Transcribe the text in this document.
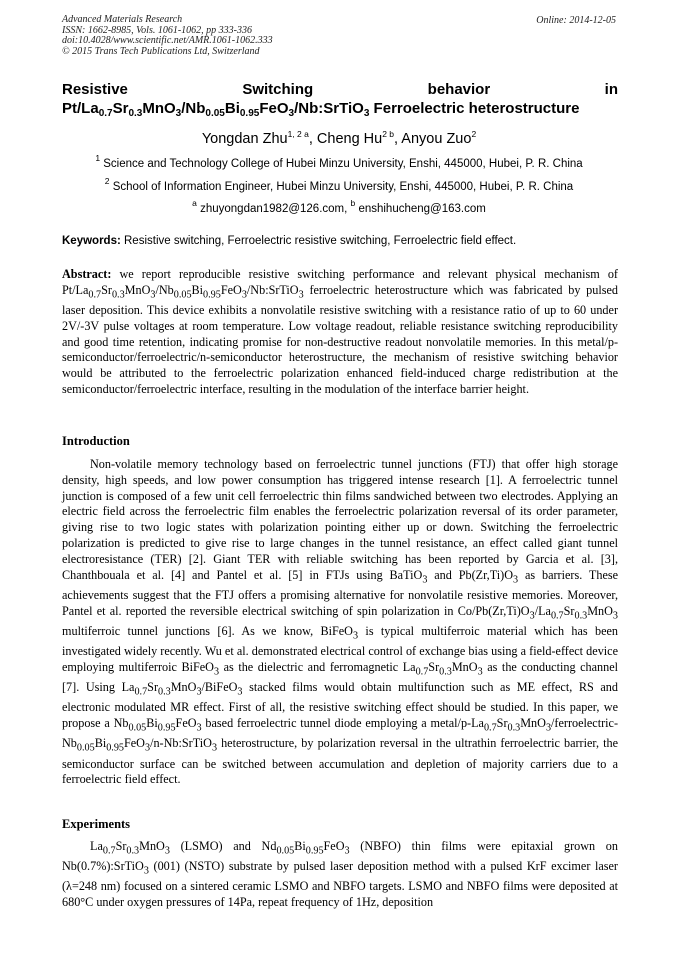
Advanced Materials Research
ISSN: 1662-8985, Vols. 1061-1062, pp 333-336
doi:10.4028/www.scientific.net/AMR.1061-1062.333
© 2015 Trans Tech Publications Ltd, Switzerland
Online: 2014-12-05
Resistive	Switching	behavior	in
$Pt/La_{0.7}Sr_{0.3}MnO_3/Nb_{0.05}Bi_{0.95}FeO_3/Nb:SrTiO_3$ Ferroelectric heterostructure
Yongdan Zhu$^{1, 2 a}$, Cheng $Hu^{2 b}$, Anyou Zuo$^2$
$^1$ Science and Technology College of Hubei Minzu University, Enshi, 445000, Hubei, P. R. China
$^2$ School of Information Engineer, Hubei Minzu University, Enshi, 445000, Hubei, P. R. China
$^a$ zhuyongdan1982@126.com, $^b$ enshihucheng@163.com
Keywords: Resistive switching, Ferroelectric resistive switching, Ferroelectric field effect.
Abstract: we report reproducible resistive switching performance and relevant physical mechanism of $Pt/La_{0.7}Sr_{0.3}MnO_3/Nb_{0.05}Bi_{0.95}FeO_3/Nb:SrTiO_3$ ferroelectric heterostructure which was fabricated by pulsed laser deposition. This device exhibits a nonvolatile resistive switching with a resistance ratio of up to 60 under 2V/-3V pulse voltages at room temperature. Low voltage readout, reliable resistance switching reproducibility and good time retention, indicating promise for non-destructive readout nonvolatile memories. In this metal/p-semiconductor/ferroelectric/n-semiconductor heterostructure, the mechanism of resistive switching behavior would be attributed to the ferroelectric polarization enhanced field-induced charge redistribution at the semiconductor/ferroelectric interface, resulting in the modulation of the interface barrier height.
Introduction
Non-volatile memory technology based on ferroelectric tunnel junctions (FTJ) that offer high storage density, high speeds, and low power consumption has triggered intense research [1]. A ferroelectric tunnel junction is composed of a few unit cell ferroelectric thin films sandwiched between two electrodes. Applying an electric field across the ferroelectric film enables the ferroelectric polarization reversal of its order parameter, giving rise to two logic states with polarization pointing either up or down. Switching the ferroelectric polarization is predicted to give rise to large changes in the tunnel resistance, an effect called giant tunnel electroresistance (TER) [2]. Giant TER with reliable switching has been reported by Garcia et al. [3], Chanthbouala et al. [4] and Pantel et al. [5] in FTJs using BaTiO$_3$ and $Pb(Zr,Ti)O_3$ as barriers. These achievements suggest that the FTJ offers a promising alternative for nonvolatile resistive memories. Moreover, Pantel et al. reported the reversible electrical switching of spin polarization in $Co/Pb(Zr,Ti)O_3/La_{0.7}Sr_{0.3}MnO_3$ multiferroic tunnel junctions [6]. As we know, BiFeO$_3$ is typical multiferroic material which has been investigated widely recently. Wu et al. demonstrated electrical control of exchange bias using a field-effect device employing multiferroic BiFeO$_3$ as the dielectric and ferromagnetic $La_{0.7}Sr_{0.3}MnO_3$ as the conducting channel [7]. Using $La_{0.7}Sr_{0.3}MnO_3/BiFeO_3$ stacked films would obtain multifunction such as ME effect, RS and electronic modulated MR effect. First of all, the resistive switching effect should be studied. In this paper, we propose a $Nb_{0.05}Bi_{0.95}FeO_3$ based ferroelectric tunnel diode employing a metal/$p-La_{0.7}Sr_{0.3}MnO_3/ferroelectric-Nb_{0.05}Bi_{0.95}FeO_3/n-Nb:SrTiO_3$ heterostructure, by polarization reversal in the ultrathin ferroelectric barrier, the semiconductor surface can be switched between accumulation and depletion of majority carriers due to a ferroelectric field effect.
Experiments
$La_{0.7}Sr_{0.3}MnO_3$ (LSMO) and $Nd_{0.05}Bi_{0.95}FeO_3$ (NBFO) thin films were epitaxial grown on Nb(0.7%):SrTiO$_3$ (001) (NSTO) substrate by pulsed laser deposition method with a pulsed KrF excimer laser (λ=248 nm) focused on a sintered ceramic LSMO and NBFO targets. LSMO and NBFO films were deposited at 680°C under oxygen pressures of 14Pa, repeat frequency of 1Hz, deposition
